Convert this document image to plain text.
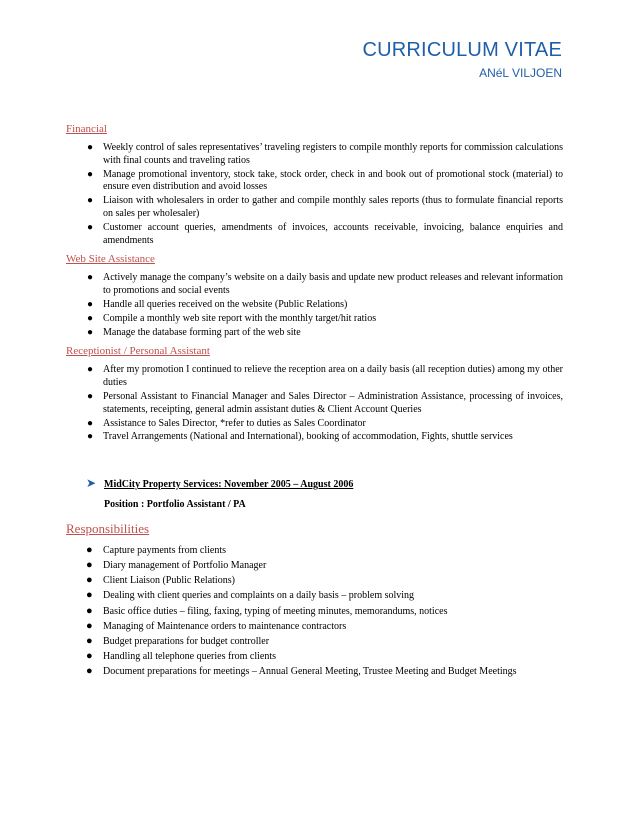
CURRICULUM VITAE
ANéL VILJOEN

Financial

● Weekly control of sales representatives’ traveling registers to compile monthly reports for commission calculations with final counts and traveling ratios
● Manage promotional inventory, stock take, stock order, check in and book out of promotional stock (material) to ensure even distribution and avoid losses
● Liaison with wholesalers in order to gather and compile monthly sales reports (thus to formulate financial reports on sales per wholesaler)
● Customer account queries, amendments of invoices, accounts receivable, invoicing, balance enquiries and amendments

Web Site Assistance

● Actively manage the company’s website on a daily basis and update new product releases and relevant information to promotions and social events
● Handle all queries received on the website (Public Relations)
● Compile a monthly web site report with the monthly target/hit ratios
● Manage the database forming part of the web site

Receptionist / Personal Assistant

● After my promotion I continued to relieve the reception area on a daily basis (all reception duties) among my other duties
● Personal Assistant to Financial Manager and Sales Director – Administration Assistance, processing of invoices, statements, receipting, general admin assistant duties & Client Account Queries
● Assistance to Sales Director, *refer to duties as Sales Coordinator
● Travel Arrangements (National and International), booking of accommodation, Fights, shuttle services
➤ MidCity Property Services: November 2005 – August 2006
Position : Portfolio Assistant / PA
Responsibilities
● Capture payments from clients
● Diary management of Portfolio Manager
● Client Liaison (Public Relations)
● Dealing with client queries and complaints on a daily basis – problem solving
● Basic office duties – filing, faxing, typing of meeting minutes, memorandums, notices
● Managing of Maintenance orders to maintenance contractors
● Budget preparations for budget controller
● Handling all telephone queries from clients
● Document preparations for meetings – Annual General Meeting, Trustee Meeting and Budget Meetings
